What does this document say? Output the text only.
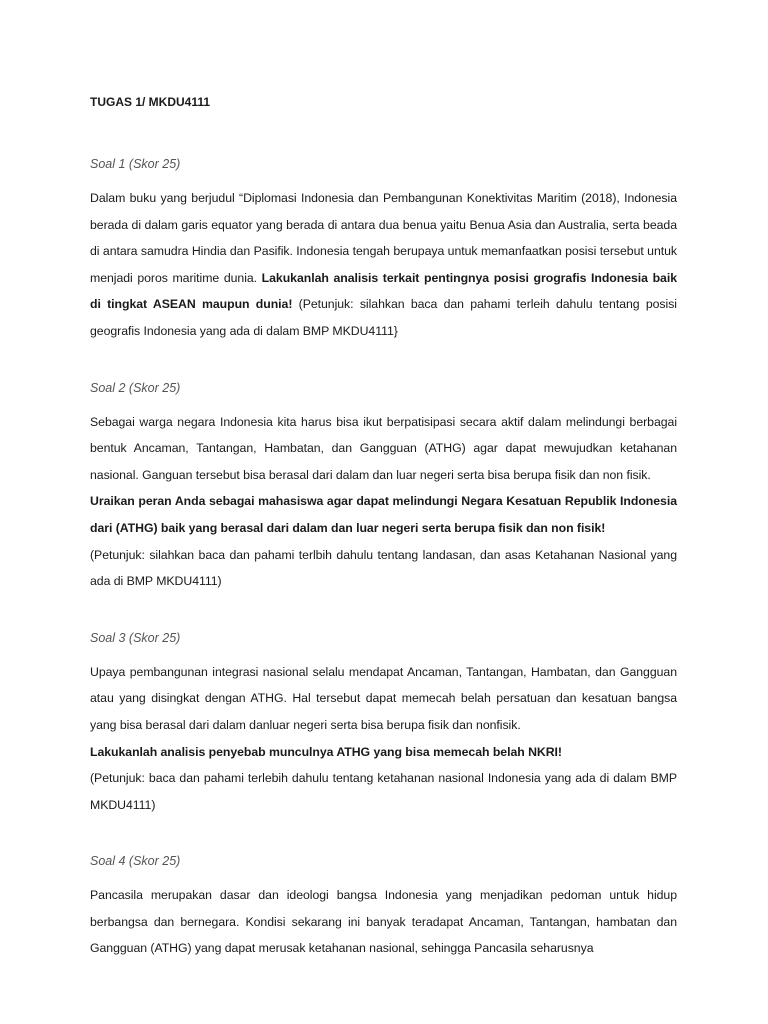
TUGAS 1/ MKDU4111
Soal 1 (Skor 25)

Dalam buku yang berjudul “Diplomasi Indonesia dan Pembangunan Konektivitas Maritim (2018), Indonesia berada di dalam garis equator yang berada di antara dua benua yaitu Benua Asia dan Australia, serta beada di antara samudra Hindia dan Pasifik. Indonesia tengah berupaya untuk memanfaatkan posisi tersebut untuk menjadi poros maritime dunia. Lakukanlah analisis terkait pentingnya posisi grografis Indonesia baik di tingkat ASEAN maupun dunia! (Petunjuk: silahkan baca dan pahami terleih dahulu tentang posisi geografis Indonesia yang ada di dalam BMP MKDU4111}

Soal 2 (Skor 25)

Sebagai warga negara Indonesia kita harus bisa ikut berpatisipasi secara aktif dalam melindungi berbagai bentuk Ancaman, Tantangan, Hambatan, dan Gangguan (ATHG) agar dapat mewujudkan ketahanan nasional. Ganguan tersebut bisa berasal dari dalam dan luar negeri serta bisa berupa fisik dan non fisik.
Uraikan peran Anda sebagai mahasiswa agar dapat melindungi Negara Kesatuan Republik Indonesia dari (ATHG) baik yang berasal dari dalam dan luar negeri serta berupa fisik dan non fisik!
(Petunjuk: silahkan baca dan pahami terlbih dahulu tentang landasan, dan asas Ketahanan Nasional yang ada di BMP MKDU4111)

Soal 3 (Skor 25)

Upaya pembangunan integrasi nasional selalu mendapat Ancaman, Tantangan, Hambatan, dan Gangguan atau yang disingkat dengan ATHG. Hal tersebut dapat memecah belah persatuan dan kesatuan bangsa yang bisa berasal dari dalam danluar negeri serta bisa berupa fisik dan nonfisik.
Lakukanlah analisis penyebab munculnya ATHG yang bisa memecah belah NKRI!
(Petunjuk: baca dan pahami terlebih dahulu tentang ketahanan nasional Indonesia yang ada di dalam BMP MKDU4111)

Soal 4 (Skor 25)

Pancasila merupakan dasar dan ideologi bangsa Indonesia yang menjadikan pedoman untuk hidup berbangsa dan bernegara. Kondisi sekarang ini banyak teradapat Ancaman, Tantangan, hambatan dan Gangguan (ATHG) yang dapat merusak ketahanan nasional, sehingga Pancasila seharusnya
